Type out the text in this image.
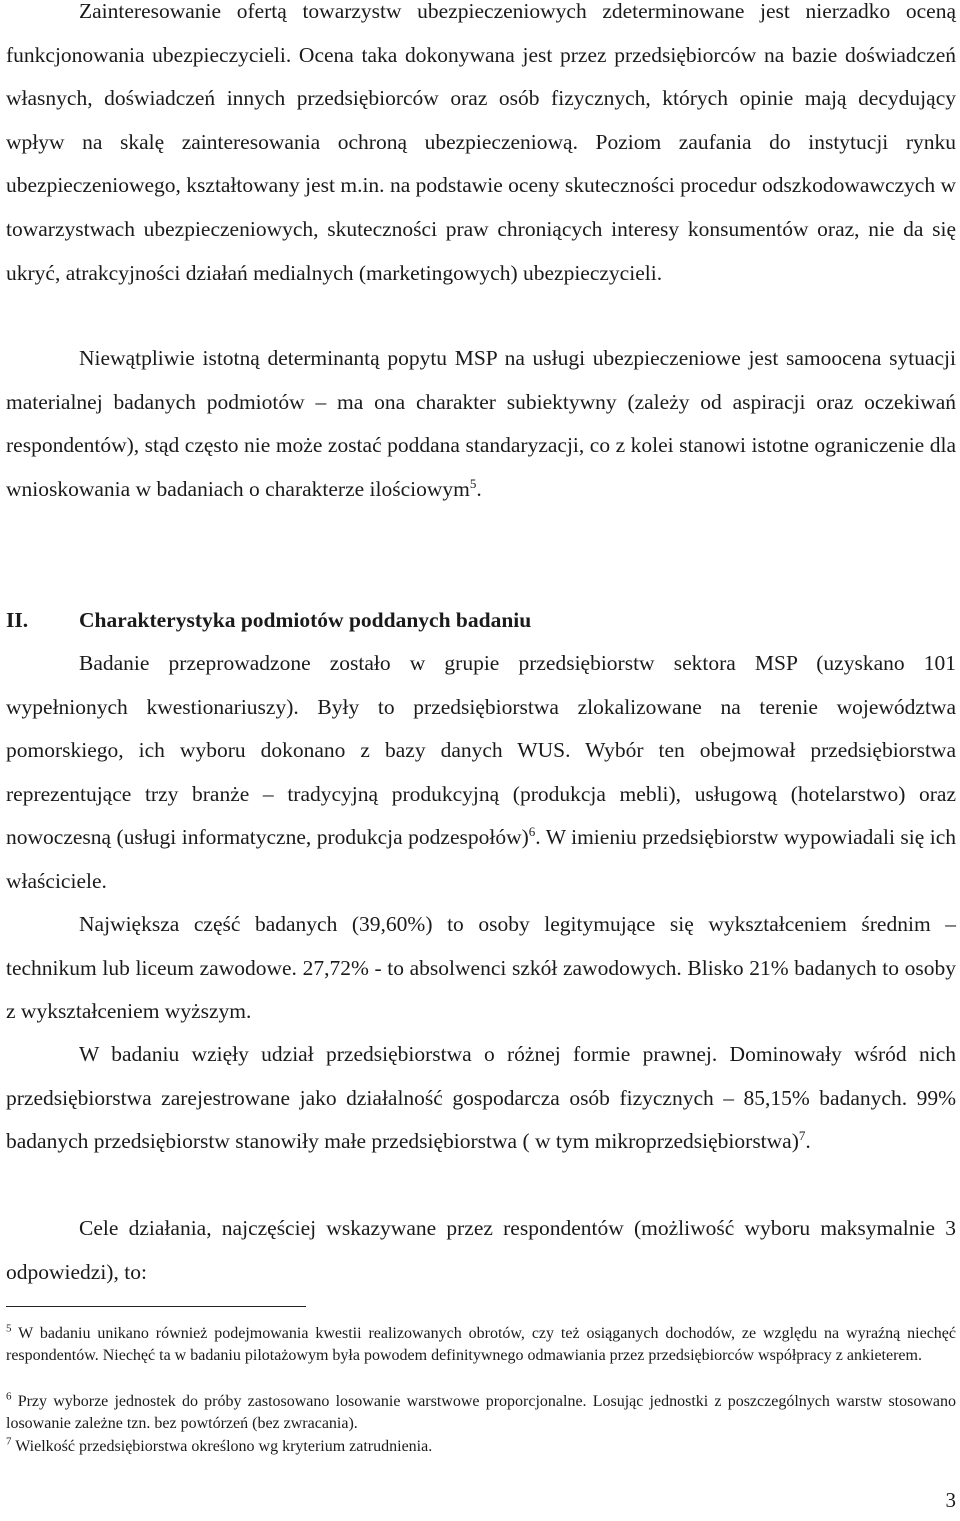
Zainteresowanie ofertą towarzystw ubezpieczeniowych zdeterminowane jest nierzadko oceną funkcjonowania ubezpieczycieli. Ocena taka dokonywana jest przez przedsiębiorców na bazie doświadczeń własnych, doświadczeń innych przedsiębiorców oraz osób fizycznych, których opinie mają decydujący wpływ na skalę zainteresowania ochroną ubezpieczeniową. Poziom zaufania do instytucji rynku ubezpieczeniowego, kształtowany jest m.in. na podstawie oceny skuteczności procedur odszkodowawczych w towarzystwach ubezpieczeniowych, skuteczności praw chroniących interesy konsumentów oraz, nie da się ukryć, atrakcyjności działań medialnych (marketingowych) ubezpieczycieli.

Niewątpliwie istotną determinantą popytu MSP na usługi ubezpieczeniowe jest samoocena sytuacji materialnej badanych podmiotów – ma ona charakter subiektywny (zależy od aspiracji oraz oczekiwań respondentów), stąd często nie może zostać poddana standaryzacji, co z kolei stanowi istotne ograniczenie dla wnioskowania w badaniach o charakterze ilościowym$^5$.

II. Charakterystyka podmiotów poddanych badaniu

Badanie przeprowadzone zostało w grupie przedsiębiorstw sektora MSP (uzyskano 101 wypełnionych kwestionariuszy). Były to przedsiębiorstwa zlokalizowane na terenie województwa pomorskiego, ich wyboru dokonano z bazy danych WUS. Wybór ten obejmował przedsiębiorstwa reprezentujące trzy branże – tradycyjną produkcyjną (produkcja mebli), usługową (hotelarstwo) oraz nowoczesną (usługi informatyczne, produkcja podzespołów)$^6$. W imieniu przedsiębiorstw wypowiadali się ich właściciele.

Największa część badanych (39,60%) to osoby legitymujące się wykształceniem średnim – technikum lub liceum zawodowe. 27,72% - to absolwenci szkół zawodowych. Blisko 21% badanych to osoby z wykształceniem wyższym.

W badaniu wzięły udział przedsiębiorstwa o różnej formie prawnej. Dominowały wśród nich przedsiębiorstwa zarejestrowane jako działalność gospodarcza osób fizycznych – 85,15% badanych. 99% badanych przedsiębiorstw stanowiły małe przedsiębiorstwa ( w tym mikroprzedsiębiorstwa)$^7$.

Cele działania, najczęściej wskazywane przez respondentów (możliwość wyboru maksymalnie 3 odpowiedzi), to:

$^5$ W badaniu unikano również podejmowania kwestii realizowanych obrotów, czy też osiąganych dochodów, ze względu na wyraźną niechęć respondentów. Niechęć ta w badaniu pilotażowym była powodem definitywnego odmawiania przez przedsiębiorców współpracy z ankieterem.

$^6$ Przy wyborze jednostek do próby zastosowano losowanie warstwowe proporcjonalne. Losując jednostki z poszczególnych warstw stosowano losowanie zależne tzn. bez powtórzeń (bez zwracania).

$^7$ Wielkość przedsiębiorstwa określono wg kryterium zatrudnienia.

3
